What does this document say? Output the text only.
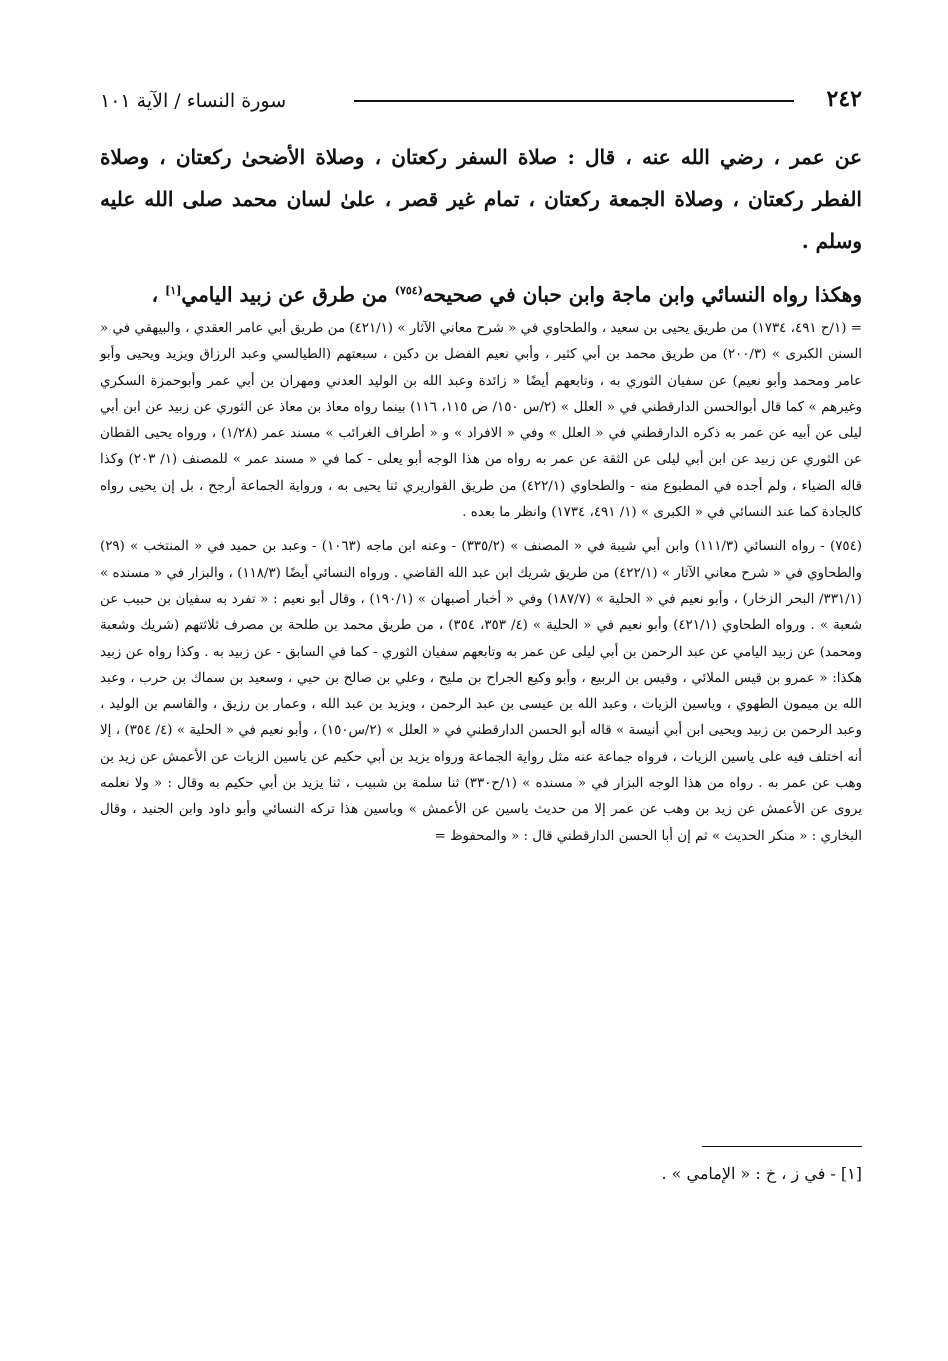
٢٤٢
سورة النساء / الآية ١٠١

عن عمر ، رضي الله عنه ، قال : صلاة السفر ركعتان ، وصلاة الأضحىٰ ركعتان ، وصلاة الفطر ركعتان ، وصلاة الجمعة ركعتان ، تمام غير قصر ، علىٰ لسان محمد صلى الله عليه وسلم .

وهكذا رواه النسائي وابن ماجة وابن حبان في صحيحه$^{(٧٥٤)}$ من طرق عن زبيد اليامي[١] ،

= (١/ح ٤٩١، ١٧٣٤) من طريق يحيى بن سعيد ، والطحاوي في « شرح معاني الآثار » (٤٢١/١) من طريق أبي عامر العقدي ، والبيهقي في « السنن الكبرى » (٢٠٠/٣) من طريق محمد بن أبي كثير ، وأبي نعيم الفضل بن دكين ، سبعتهم (الطيالسي وعبد الرزاق ويزيد ويحيى وأبو عامر ومحمد وأبو نعيم) عن سفيان الثوري به ، وتابعهم أيضًا « زائدة وعبد الله بن الوليد العدني ومهران بن أبي عمر وأبوحمزة السكري وغيرهم » كما قال أبوالحسن الدارقطني في « العلل » (٢/س ١٥٠/ ص ١١٥، ١١٦) بينما رواه معاذ بن معاذ عن الثوري عن زبيد عن ابن أبي ليلى عن أبيه عن عمر به ذكره الدارقطني في « العلل » وفي « الافراد » و « أطراف الغرائب » مسند عمر (١/٢٨) ، ورواه يحيى القطان عن الثوري عن زبيد عن ابن أبي ليلى عن الثقة عن عمر به رواه من هذا الوجه أبو يعلى - كما في « مسند عمر » للمصنف (١/ ٢٠٣) وكذا قاله الضياء ، ولم أجده في المطبوع منه - والطحاوي (٤٢٢/١) من طريق القواريري ثنا يحيى به ، ورواية الجماعة أرجح ، بل إن يحيى رواه كالجادة كما عند النسائي في « الكبرى » (١/ ٤٩١، ١٧٣٤) وانظر ما بعده .

(٧٥٤) - رواه النسائي (١١١/٣) وابن أبي شيبة في « المصنف » (٣٣٥/٢) - وعنه ابن ماجه (١٠٦٣) - وعبد بن حميد في « المنتخب » (٢٩) والطحاوي في « شرح معاني الآثار » (٤٢٢/١) من طريق شريك ابن عبد الله القاضي . ورواه النسائي أيضًا (١١٨/٣) ، والبزار في « مسنده » (٣٣١/١/ البحر الزخار) ، وأبو نعيم في « الحلية » (١٨٧/٧) وفي « أخبار أصبهان » (١٩٠/١) ، وقال أبو نعيم : « تفرد به سفيان بن حبيب عن شعبة » . ورواه الطحاوي (٤٢١/١) وأبو نعيم في « الحلية » (٤/ ٣٥٣، ٣٥٤) ، من طريق محمد بن طلحة بن مصرف ثلاثتهم (شريك وشعبة ومحمد) عن زبيد اليامي عن عبد الرحمن بن أبي ليلى عن عمر به وتابعهم سفيان الثوري - كما في السابق - عن زبيد به . وكذا رواه عن زبيد هكذا: « عمرو بن قيس الملائي ، وقيس بن الربيع ، وأبو وكيع الجراح بن مليح ، وعلي بن صالح بن حيي ، وسعيد بن سماك بن حرب ، وعبد الله بن ميمون الطهوي ، وياسين الزيات ، وعبد الله بن عيسى بن عبد الرحمن ، ويزيد بن عبد الله ، وعمار بن رزيق ، والقاسم بن الوليد ، وعبد الرحمن بن زبيد ويحيى ابن أبي أنيسة » قاله أبو الحسن الدارقطني في « العلل » (٢/س١٥٠) ، وأبو نعيم في « الحلية » (٤/ ٣٥٤) ، إلا أنه اختلف فيه على ياسين الزيات ، فرواه جماعة عنه مثل رواية الجماعة ورواه يزيد بن أبي حكيم عن ياسين الزيات عن الأعمش عن زيد بن وهب عن عمر به . رواه من هذا الوجه البزار في « مسنده » (١/ح٣٣٠) ثنا سلمة بن شبيب ، ثنا يزيد بن أبي حكيم به وقال : « ولا نعلمه يروى عن الأعمش عن زيد بن وهب عن عمر إلا من حديث ياسين عن الأعمش » وياسين هذا تركه النسائي وأبو داود وابن الجنيد ، وقال البخاري : « منكر الحديث » ثم إن أبا الحسن الدارقطني قال : « والمحفوظ =

[١] - في ز ، خ : « الإمامي » .
